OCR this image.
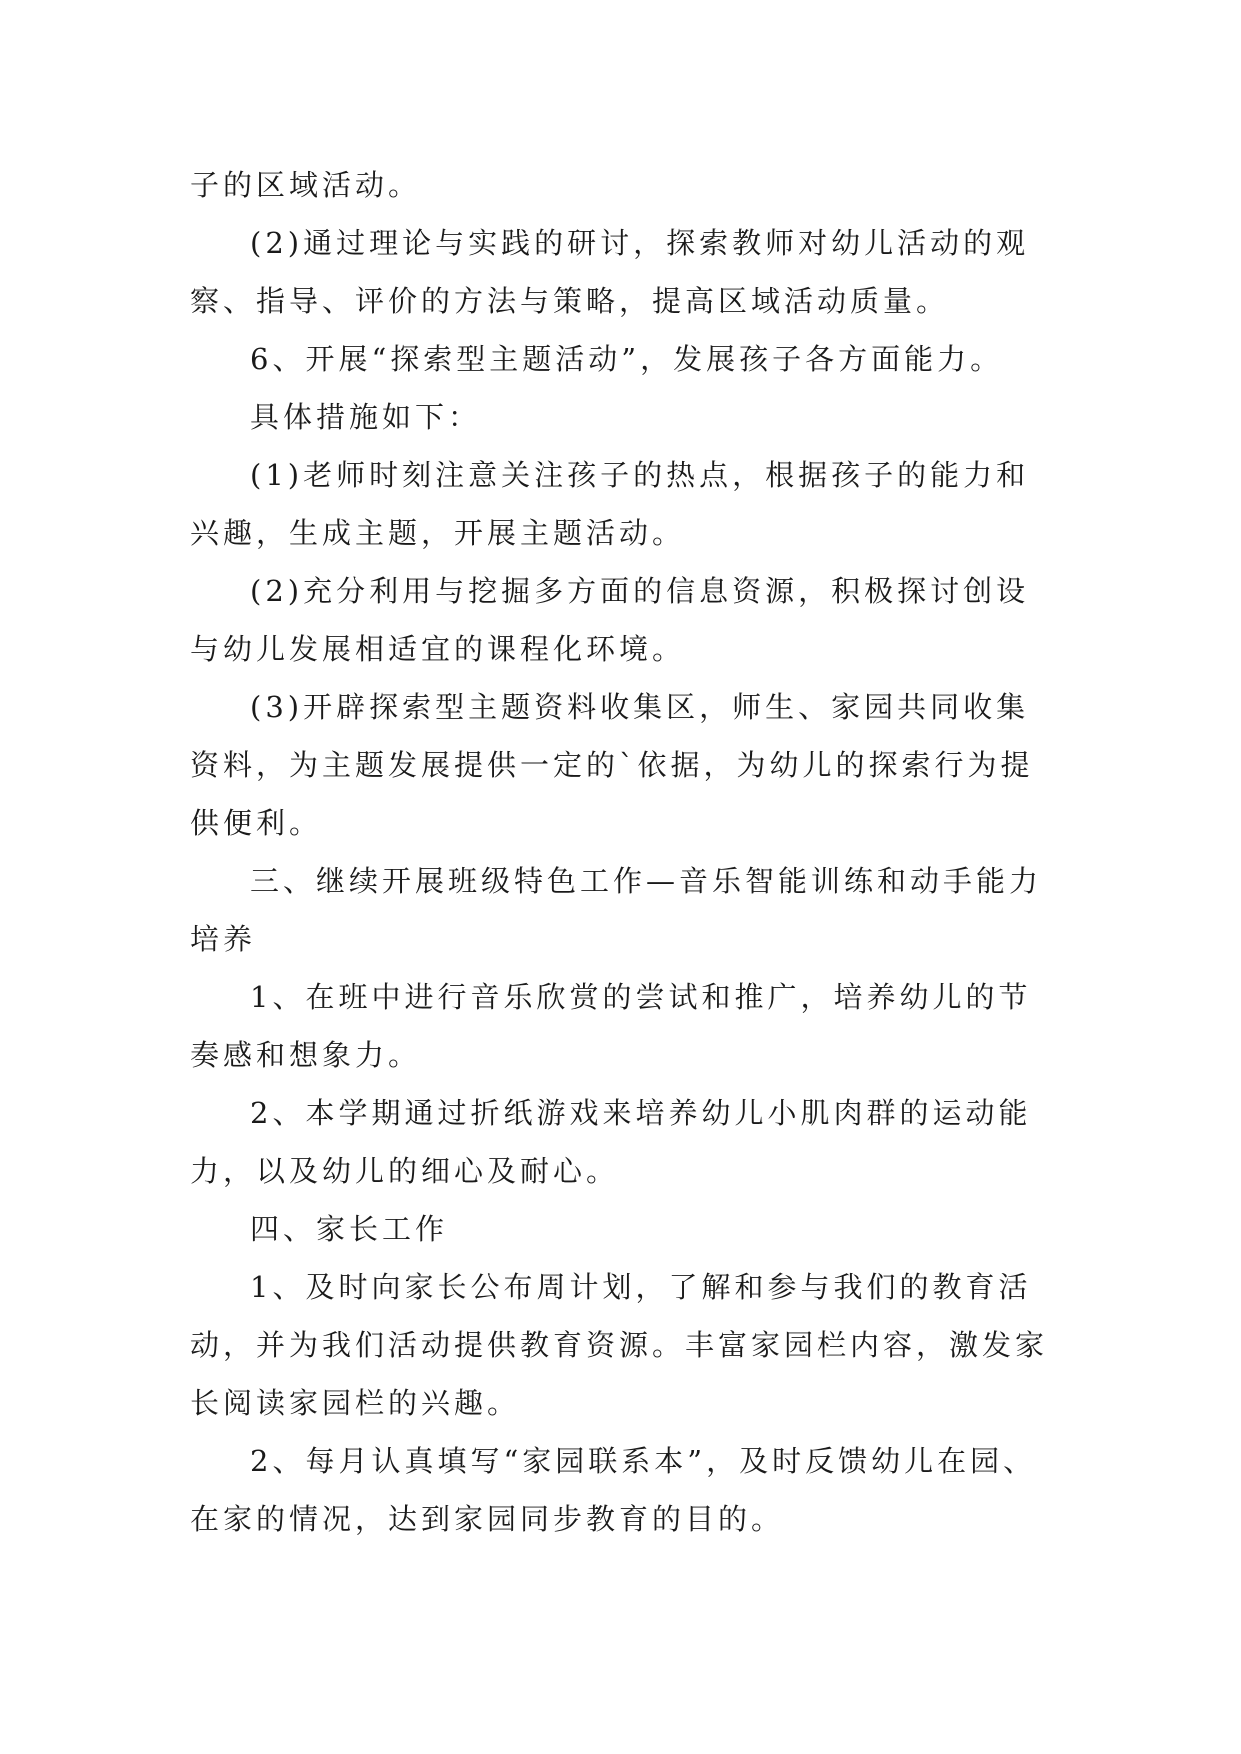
子的区域活动。

(2)通过理论与实践的研讨，探索教师对幼儿活动的观察、指导、评价的方法与策略，提高区域活动质量。

6、开展“探索型主题活动”，发展孩子各方面能力。

具体措施如下：

(1)老师时刻注意关注孩子的热点，根据孩子的能力和兴趣，生成主题，开展主题活动。

(2)充分利用与挖掘多方面的信息资源，积极探讨创设与幼儿发展相适宜的课程化环境。

(3)开辟探索型主题资料收集区，师生、家园共同收集资料，为主题发展提供一定的`依据，为幼儿的探索行为提供便利。

三、继续开展班级特色工作—音乐智能训练和动手能力培养

1、在班中进行音乐欣赏的尝试和推广，培养幼儿的节奏感和想象力。

2、本学期通过折纸游戏来培养幼儿小肌肉群的运动能力，以及幼儿的细心及耐心。

四、家长工作

1、及时向家长公布周计划，了解和参与我们的教育活动，并为我们活动提供教育资源。丰富家园栏内容，激发家长阅读家园栏的兴趣。

2、每月认真填写“家园联系本”，及时反馈幼儿在园、在家的情况，达到家园同步教育的目的。
